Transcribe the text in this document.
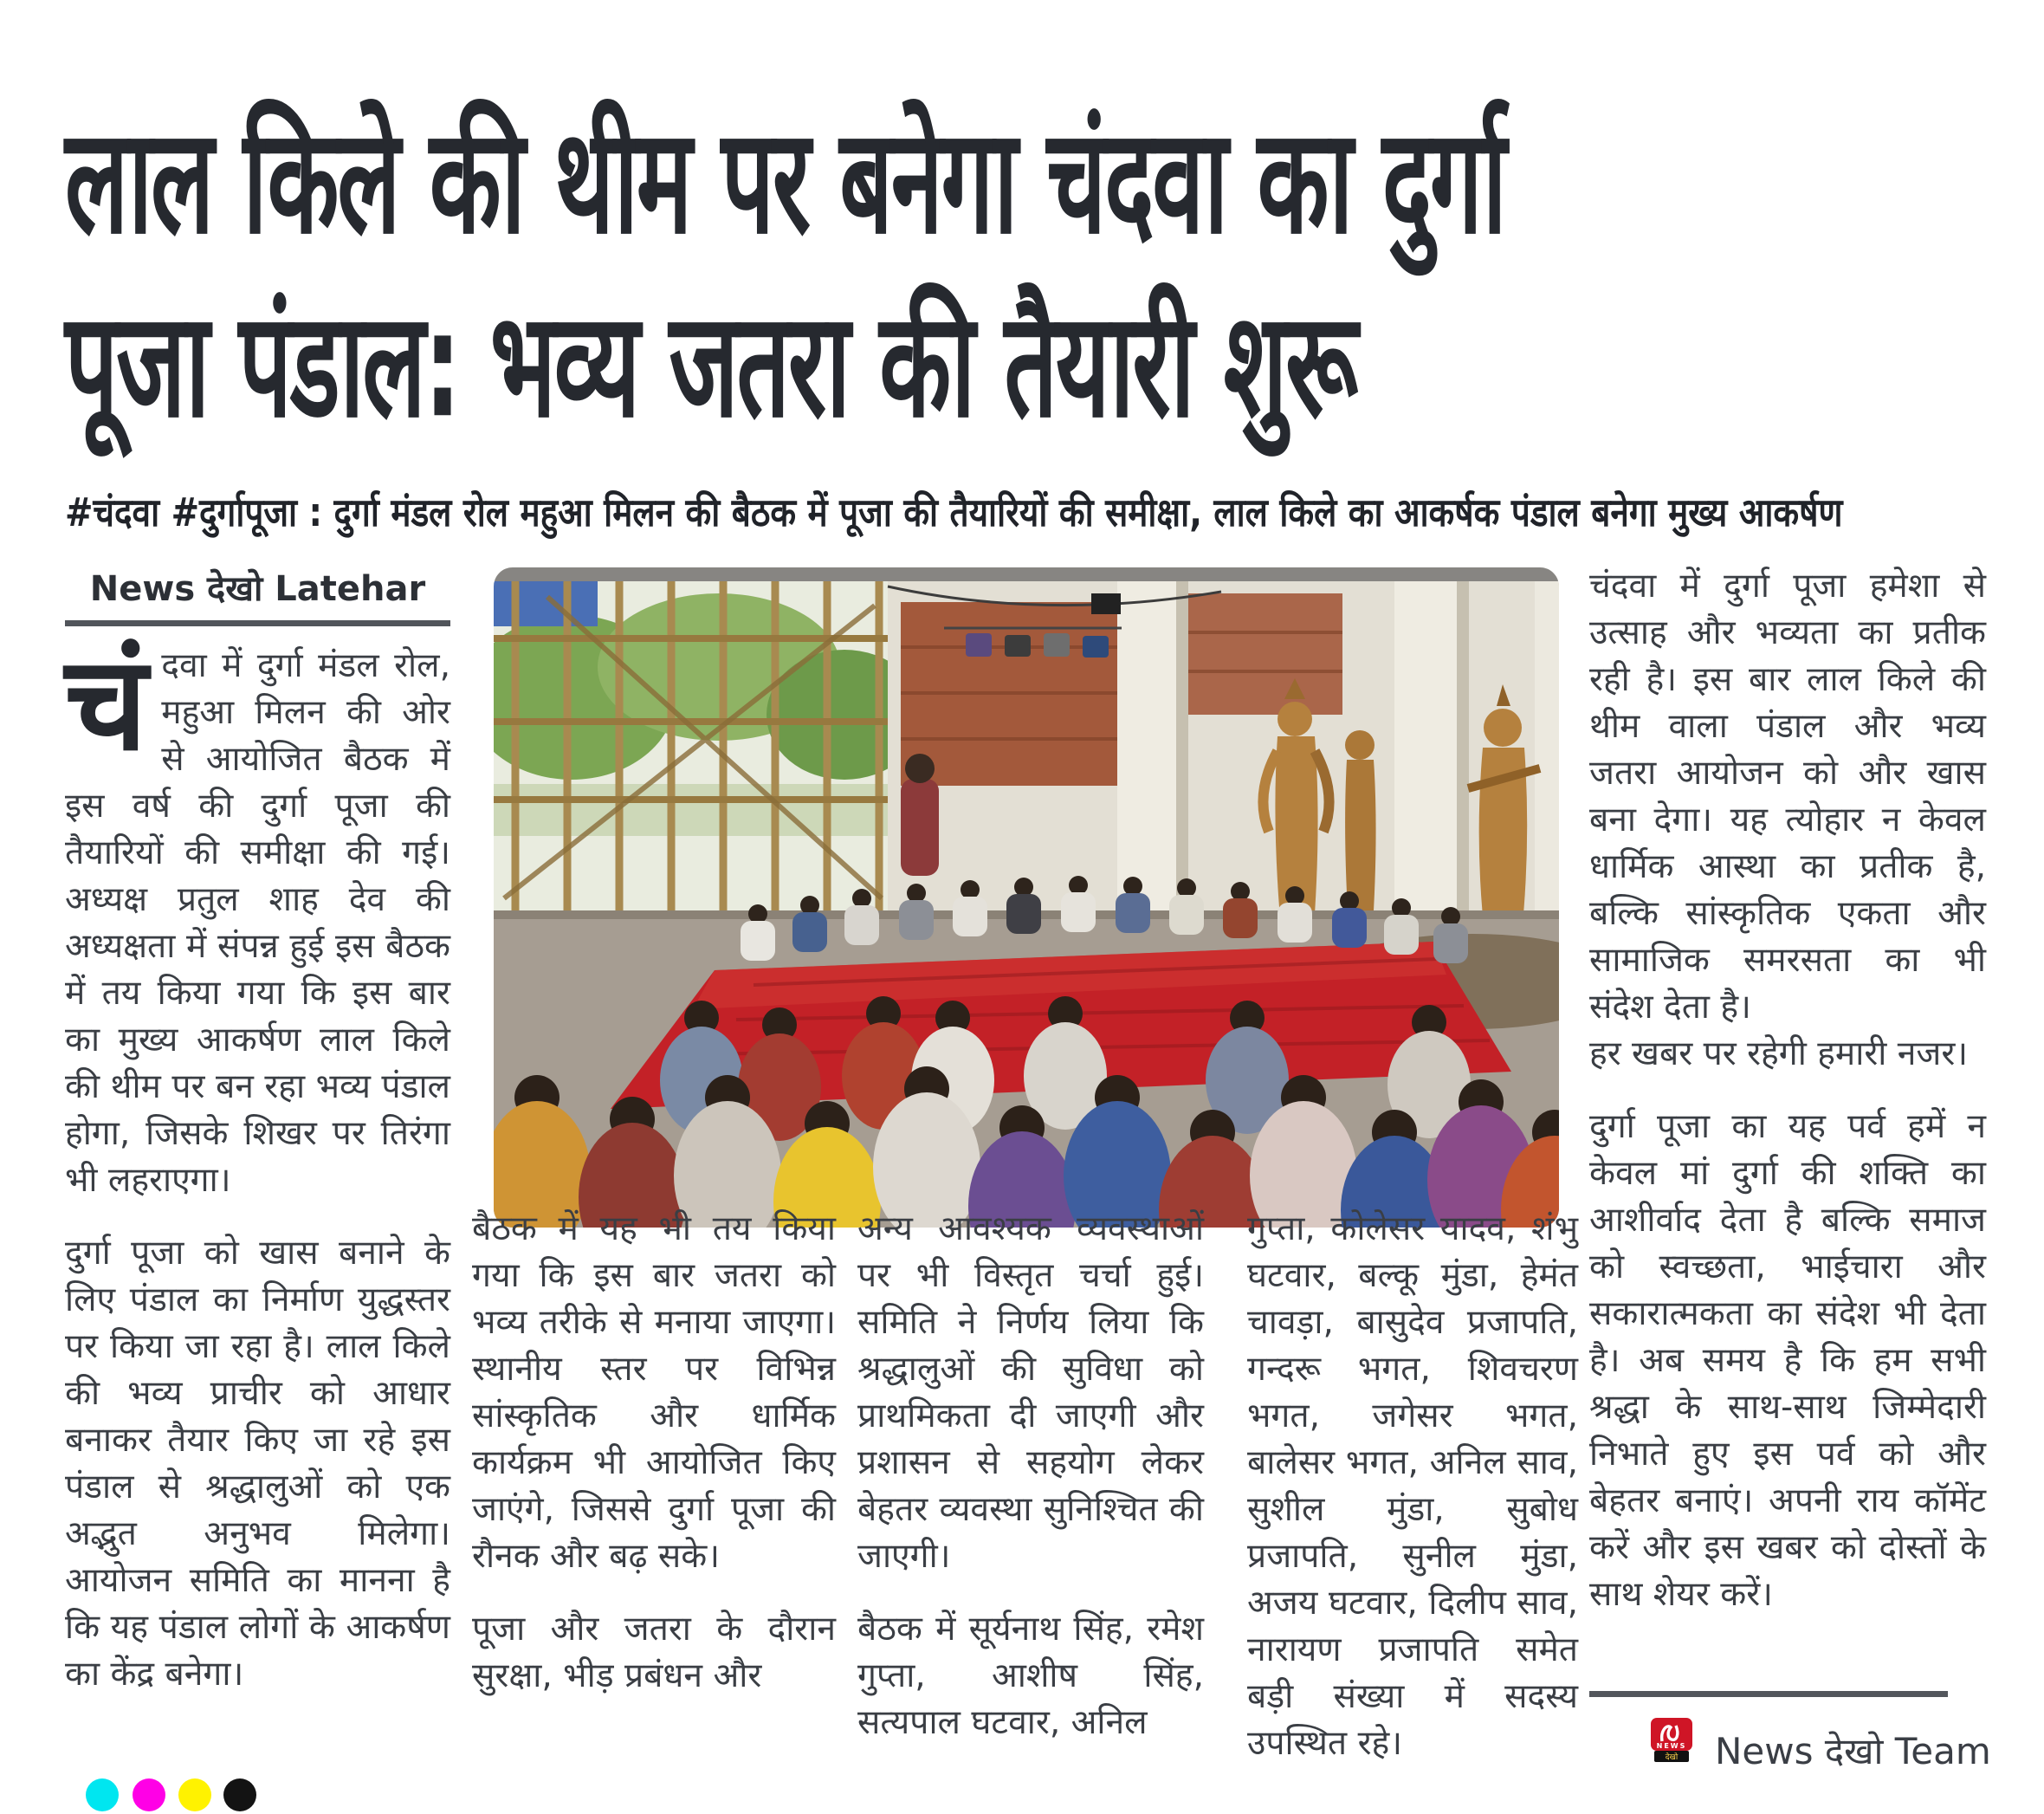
लाल किले की थीम पर बनेगा चंदवा का दुर्गा
पूजा पंडाल: भव्य जतरा की तैयारी शुरू
#चंदवा #दुर्गापूजा : दुर्गा मंडल रोल महुआ मिलन की बैठक में पूजा की तैयारियों की समीक्षा, लाल किले का आकर्षक पंडाल बनेगा मुख्य आकर्षण
News देखो Latehar

चंदवा में दुर्गा मंडल रोल, महुआ मिलन की ओर से आयोजित बैठक में इस वर्ष की दुर्गा पूजा की तैयारियों की समीक्षा की गई। अध्यक्ष प्रतुल शाह देव की अध्यक्षता में संपन्न हुई इस बैठक में तय किया गया कि इस बार का मुख्य आकर्षण लाल किले की थीम पर बन रहा भव्य पंडाल होगा, जिसके शिखर पर तिरंगा भी लहराएगा।

दुर्गा पूजा को खास बनाने के लिए पंडाल का निर्माण युद्धस्तर पर किया जा रहा है। लाल किले की भव्य प्राचीर को आधार बनाकर तैयार किए जा रहे इस पंडाल से श्रद्धालुओं को एक अद्भुत अनुभव मिलेगा। आयोजन समिति का मानना है कि यह पंडाल लोगों के आकर्षण का केंद्र बनेगा।

चंदवा में दुर्गा पूजा हमेशा से उत्साह और भव्यता का प्रतीक रही है। इस बार लाल किले की थीम वाला पंडाल और भव्य जतरा आयोजन को और खास बना देगा। यह त्योहार न केवल धार्मिक आस्था का प्रतीक है, बल्कि सांस्कृतिक एकता और सामाजिक समरसता का भी संदेश देता है।

हर खबर पर रहेगी हमारी नजर।

दुर्गा पूजा का यह पर्व हमें न केवल मां दुर्गा की शक्ति का आशीर्वाद देता है बल्कि समाज को स्वच्छता, भाईचारा और सकारात्मकता का संदेश भी देता है। अब समय है कि हम सभी श्रद्धा के साथ-साथ जिम्मेदारी निभाते हुए इस पर्व को और बेहतर बनाएं। अपनी राय कॉमेंट करें और इस खबर को दोस्तों के साथ शेयर करें।

बैठक में यह भी तय किया गया कि इस बार जतरा को भव्य तरीके से मनाया जाएगा। स्थानीय स्तर पर विभिन्न सांस्कृतिक और धार्मिक कार्यक्रम भी आयोजित किए जाएंगे, जिससे दुर्गा पूजा की रौनक और बढ़ सके।

पूजा और जतरा के दौरान सुरक्षा, भीड़ प्रबंधन और

अन्य आवश्यक व्यवस्थाओं पर भी विस्तृत चर्चा हुई। समिति ने निर्णय लिया कि श्रद्धालुओं की सुविधा को प्राथमिकता दी जाएगी और प्रशासन से सहयोग लेकर बेहतर व्यवस्था सुनिश्चित की जाएगी।

बैठक में सूर्यनाथ सिंह, रमेश गुप्ता, आशीष सिंह, सत्यपाल घटवार, अनिल

गुप्ता, कोलेसर यादव, शंभु घटवार, बल्कू मुंडा, हेमंत चावड़ा, बासुदेव प्रजापति, गन्दरू भगत, शिवचरण भगत, जगेसर भगत, बालेसर भगत, अनिल साव, सुशील मुंडा, सुबोध प्रजापति, सुनील मुंडा, अजय घटवार, दिलीप साव, नारायण प्रजापति समेत बड़ी संख्या में सदस्य उपस्थित रहे।	NEWS
देखो News देखो Team
